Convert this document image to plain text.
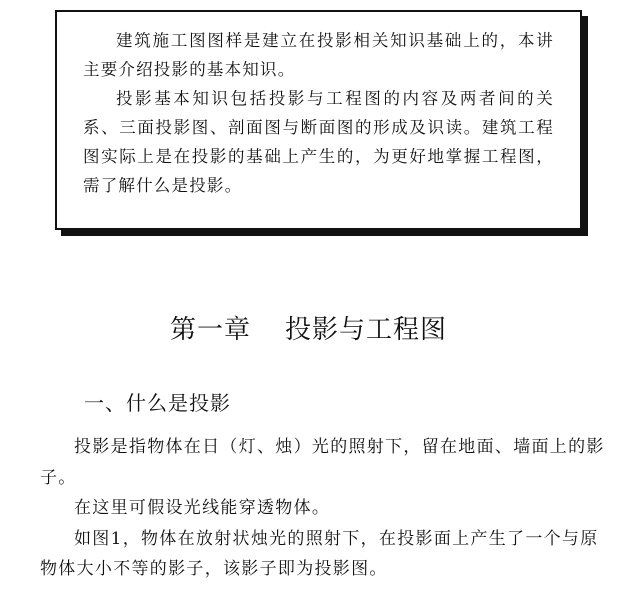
建筑施工图图样是建立在投影相关知识基础上的，本讲主要介绍投影的基本知识。

投影基本知识包括投影与工程图的内容及两者间的关系、三面投影图、剖面图与断面图的形成及识读。建筑工程图实际上是在投影的基础上产生的，为更好地掌握工程图，需了解什么是投影。

第一章 投影与工程图
一、什么是投影

投影是指物体在日（灯、烛）光的照射下，留在地面、墙面上的影子。

在这里可假设光线能穿透物体。

如图1，物体在放射状烛光的照射下，在投影面上产生了一个与原物体大小不等的影子，该影子即为投影图。
